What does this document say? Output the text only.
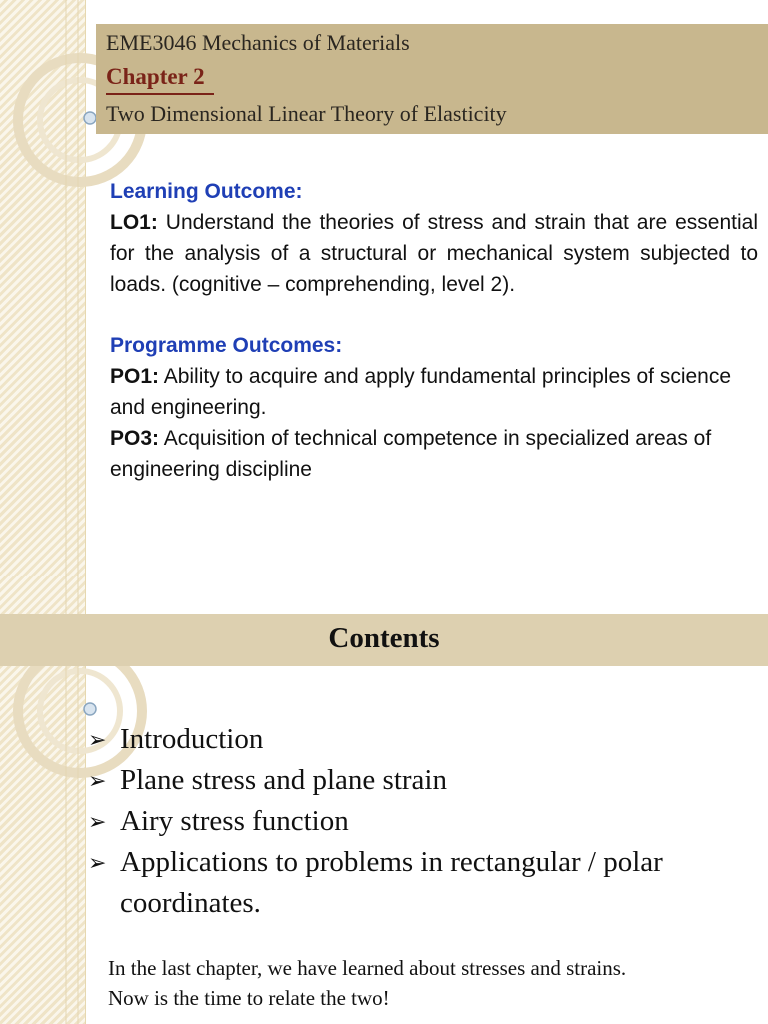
EME3046 Mechanics of Materials
Chapter 2
Two Dimensional Linear Theory of Elasticity
Learning Outcome:
LO1: Understand the theories of stress and strain that are essential for the analysis of a structural or mechanical system subjected to loads. (cognitive – comprehending, level 2).
Programme Outcomes:
PO1: Ability to acquire and apply fundamental principles of science and engineering.
PO3: Acquisition of technical competence in specialized areas of engineering discipline
Contents
➢ Introduction
➢ Plane stress and plane strain
➢ Airy stress function
➢ Applications to problems in rectangular / polar coordinates.
In the last chapter, we have learned about stresses and strains.
Now is the time to relate the two!
